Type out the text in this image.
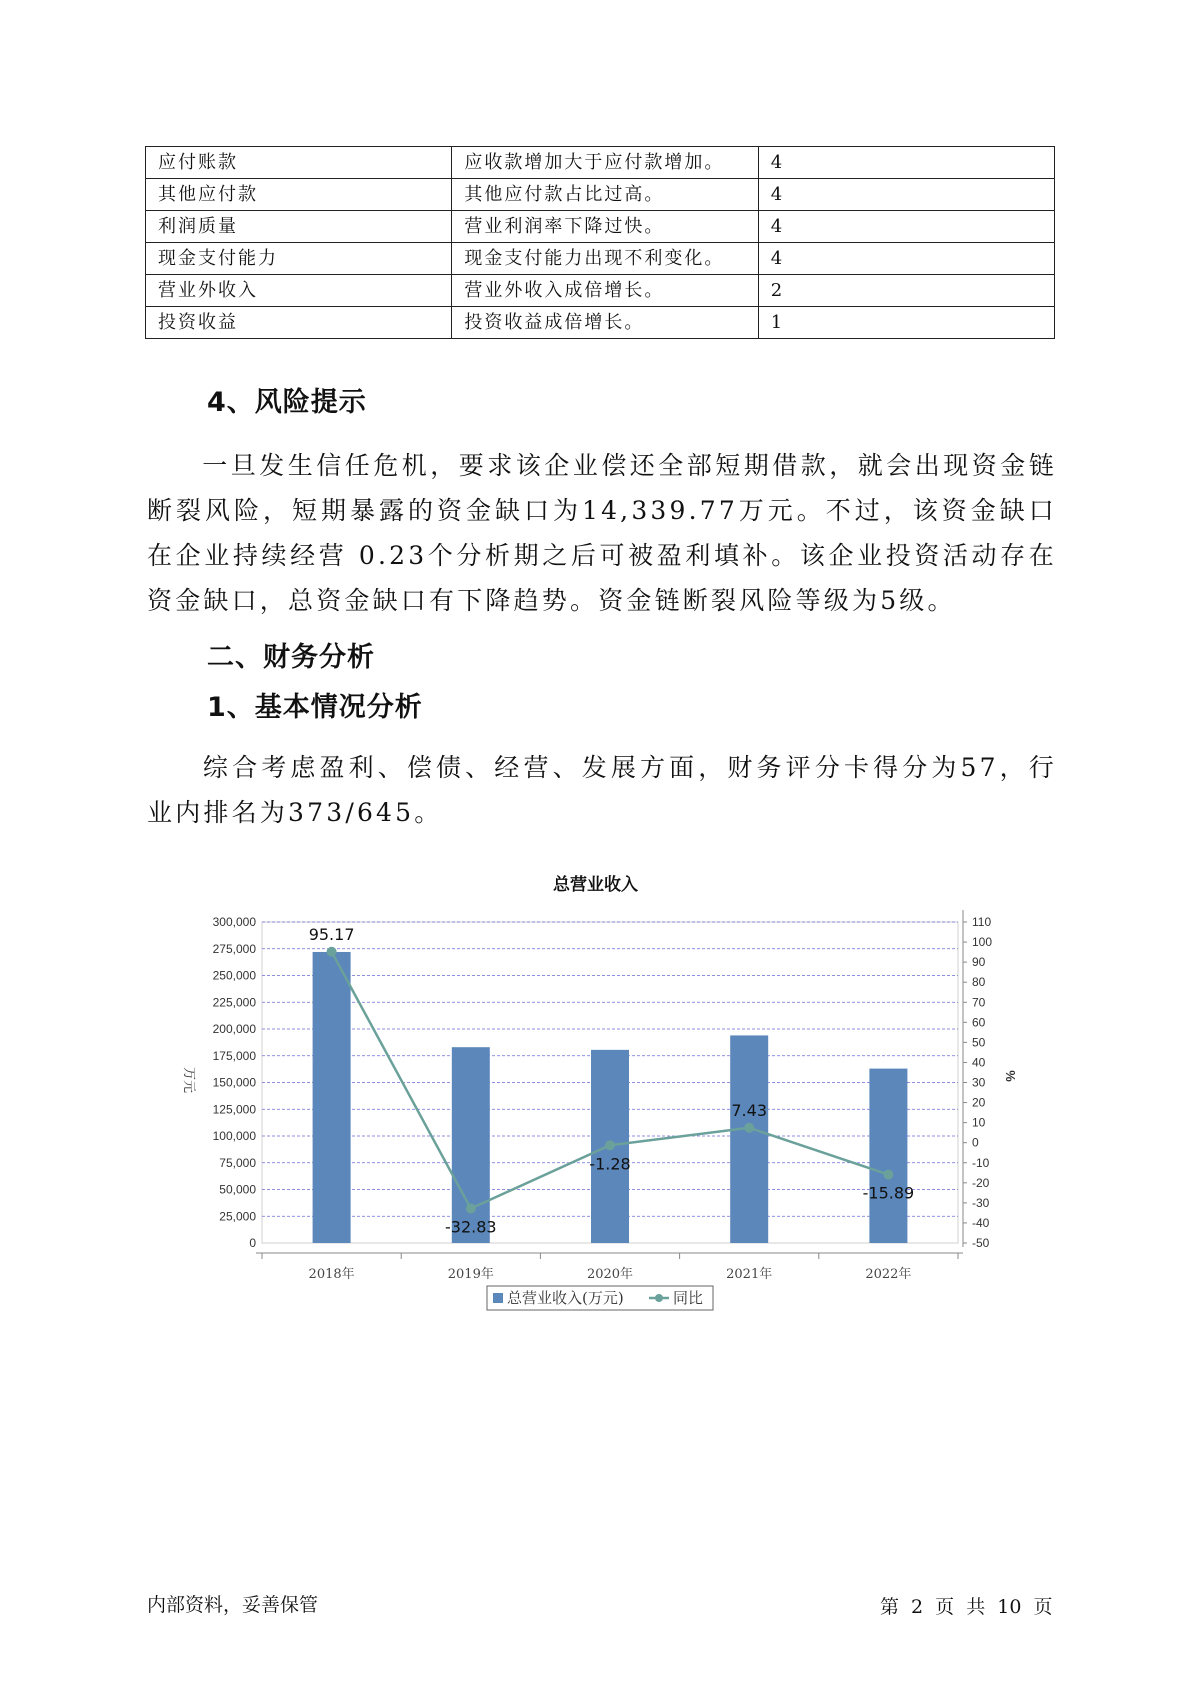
应付账款	应收款增加大于应付款增加。	4
其他应付款	其他应付款占比过高。	4
利润质量	营业利润率下降过快。	4
现金支付能力	现金支付能力出现不利变化。	4
营业外收入	营业外收入成倍增长。	2
投资收益	投资收益成倍增长。	1
4、风险提示
一旦发生信任危机，要求该企业偿还全部短期借款，就会出现资金链断裂风险，短期暴露的资金缺口为14,339.77万元。不过，该资金缺口在企业持续经营 0.23个分析期之后可被盈利填补。该企业投资活动存在资金缺口，总资金缺口有下降趋势。资金链断裂风险等级为5级。
二、财务分析
1、基本情况分析
综合考虑盈利、偿债、经营、发展方面，财务评分卡得分为57，行业内排名为373/645。
总营业收入
300,000
275,000
250,000
225,000
200,000
175,000
150,000
125,000
100,000
75,000
50,000
25,000
0
110
100
90
80
70
60
50
40
30
20
10
0
-10
-20
-30
-40
-50
万元	%
2018年	2019年	2020年	2021年	2022年
95.17
-32.83
-1.28
7.43
-15.89
总营业收入(万元)	同比
内部资料，妥善保管	第 2 页 共 10 页
